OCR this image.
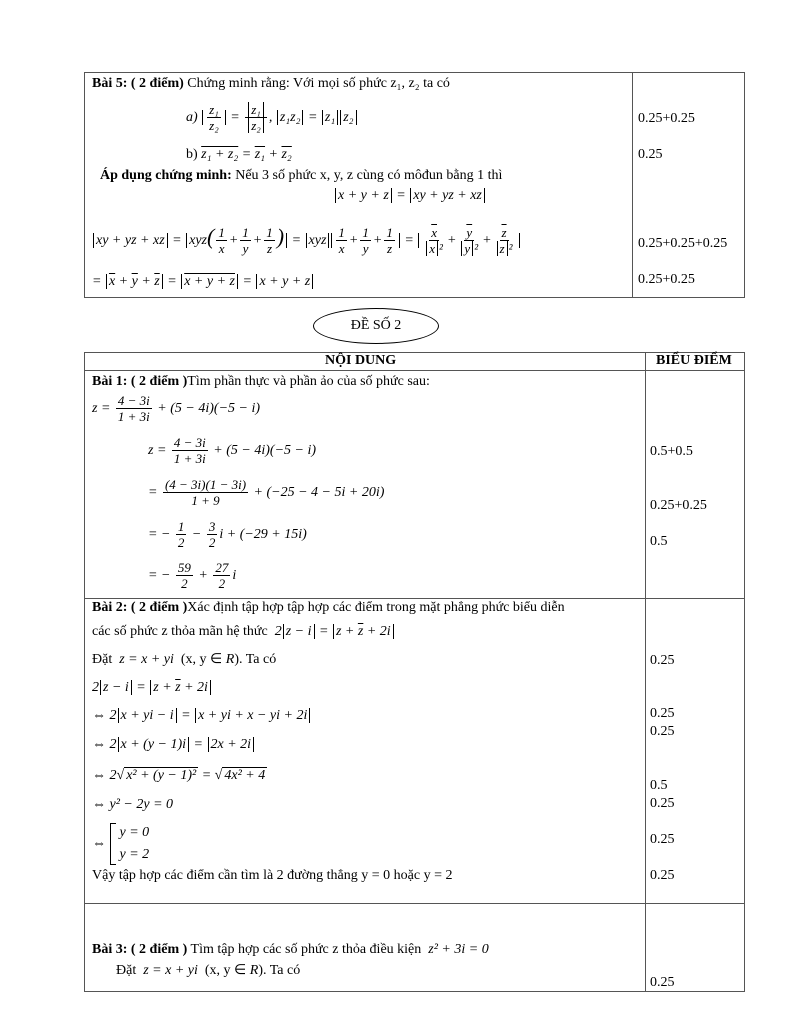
Bài 5: ( 2 điểm) Chứng minh rằng: Với mọi số phức z₁, z₂ ta có
$a) \frac{\text{z₁}}{\text{z₂}} = \frac{\text{z₁}}{\text{z₂}}$ , z₁z₂ = z₁ z₂
b) z₁ + z₂ = z₁ + z₂
Áp dụng chứng minh: Nếu 3 số phức x, y, z cùng có môđun bằng 1 thì
x + y + z = xy + yz + xz
xy + yz + xz = $xyz( \frac{1}{x} + \frac{1}{y} + \frac{1}{z}$ ) = xyz $\frac{1}{x} + \frac{1}{y} + \frac{1}{z} = \frac{\overline{x}}{\text{x ²}} + \frac{\overline{y}}{\text{y ²}} + \frac{\overline{z}}{\text{z ²}}$
= $\overline{x} + \overline{y} + \overline{z} = x + y + z = x + y + z$
0.25+0.25
0.25
0.25+0.25+0.25
0.25+0.25
ĐỀ SỐ 2
NỘI DUNG	BIỂU ĐIỂM
Bài 1: ( 2 điểm )Tìm phần thực và phần ảo của số phức sau:
$z = \frac{4 - 3i}{1 + 3i} + (5 - 4i)(-5 - i)$
$z = \frac{4 - 3i}{1 + 3i} + (5 - 4i)(-5 - i)$
= $\frac{(4 - 3i)(1 - 3i)}{1 + 9} + (-25 - 4 - 5i + 20i)$
= − $\frac{1}{2} - \frac{3}{2}$ i + (−29 + 15i)
= − $\frac{59}{2} + \frac{27}{2}$ i
0.5+0.5
0.25+0.25
0.5
Bài 2: ( 2 điểm )Xác định tập hợp tập hợp các điểm trong mặt phẳng phức biểu diễn
các số phức z thỏa mãn hệ thức  2 $z - i = z + \overline{z} + 2i$
Đặt  z = x + yi  (x, y ∈ R). Ta có
2 $z - i = z + \overline{z} + 2i$
⇔ 2 x + yi − i = x + yi + x − yi + 2i
⇔ 2 x + (y − 1)i = 2x + 2i
⇔ 2√ x² + (y − 1)² = √ 4x² + 4
⇔ y² − 2y = 0
⇔
y = 0
y = 2
Vậy tập hợp các điểm cần tìm là 2 đường thẳng y = 0 hoặc y = 2
0.25
0.25
0.25
0.5
0.25
0.25
0.25
Bài 3: ( 2 điểm ) Tìm tập hợp các số phức z thỏa điều kiện  z² + 3i = 0
Đặt  z = x + yi  (x, y ∈ R). Ta có
0.25
